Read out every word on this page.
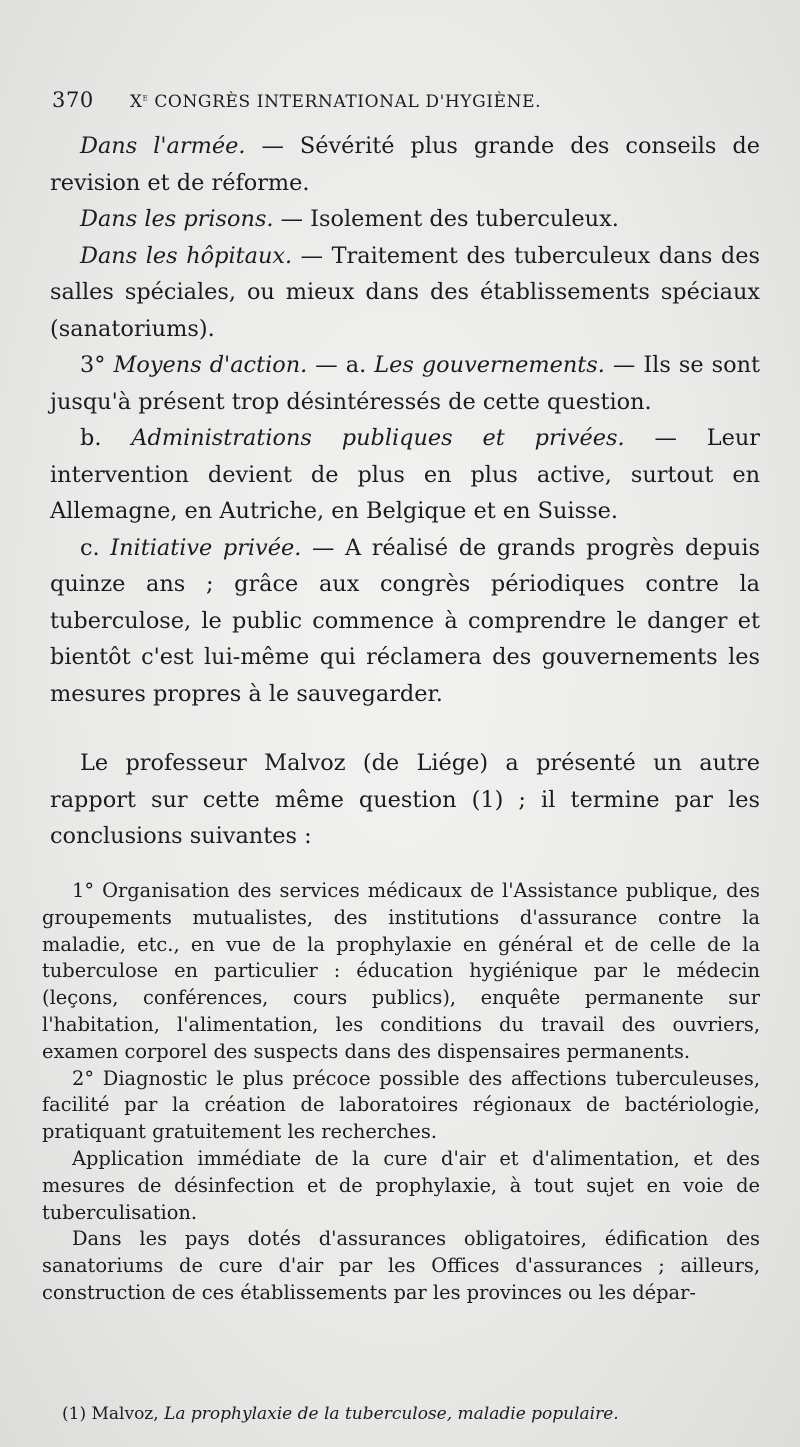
370 Xe CONGRÈS INTERNATIONAL D'HYGIÈNE.

Dans l'armée. — Sévérité plus grande des conseils de revision et de réforme.

Dans les prisons. — Isolement des tuberculeux.

Dans les hôpitaux. — Traitement des tuberculeux dans des salles spéciales, ou mieux dans des établissements spéciaux (sanatoriums).

3° Moyens d'action. — a. Les gouvernements. — Ils se sont jusqu'à présent trop désintéressés de cette question.

b. Administrations publiques et privées. — Leur intervention devient de plus en plus active, surtout en Allemagne, en Autriche, en Belgique et en Suisse.

c. Initiative privée. — A réalisé de grands progrès depuis quinze ans ; grâce aux congrès périodiques contre la tuberculose, le public commence à comprendre le danger et bientôt c'est lui-même qui réclamera des gouvernements les mesures propres à le sauvegarder.

Le professeur Malvoz (de Liége) a présenté un autre rapport sur cette même question (1) ; il termine par les conclusions suivantes :

1° Organisation des services médicaux de l'Assistance publique, des groupements mutualistes, des institutions d'assurance contre la maladie, etc., en vue de la prophylaxie en général et de celle de la tuberculose en particulier : éducation hygiénique par le médecin (leçons, conférences, cours publics), enquête permanente sur l'habitation, l'alimentation, les conditions du travail des ouvriers, examen corporel des suspects dans des dispensaires permanents.

2° Diagnostic le plus précoce possible des affections tuberculeuses, facilité par la création de laboratoires régionaux de bactériologie, pratiquant gratuitement les recherches.

Application immédiate de la cure d'air et d'alimentation, et des mesures de désinfection et de prophylaxie, à tout sujet en voie de tuberculisation.

Dans les pays dotés d'assurances obligatoires, édification des sanatoriums de cure d'air par les Offices d'assurances ; ailleurs, construction de ces établissements par les provinces ou les dépar-

(1) Malvoz, La prophylaxie de la tuberculose, maladie populaire.
